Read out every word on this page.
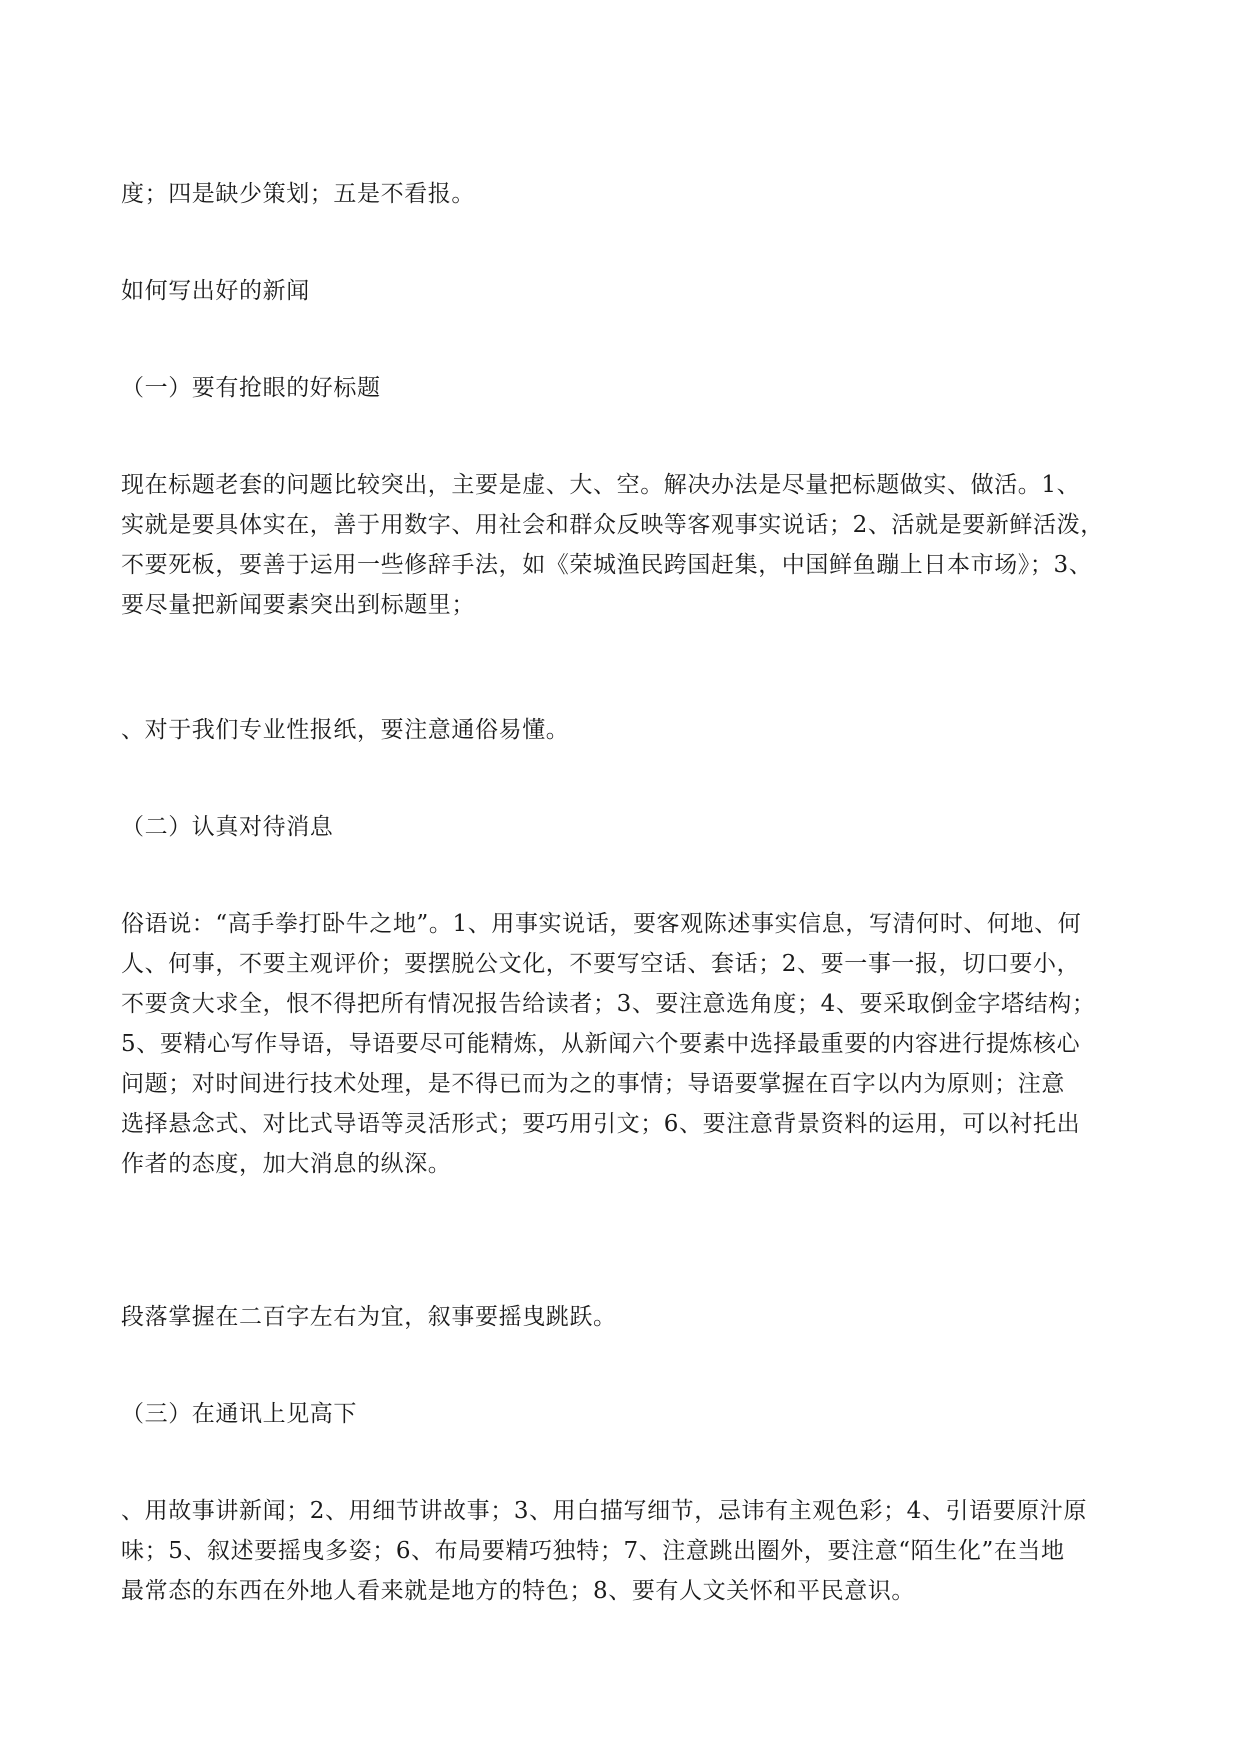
度；四是缺少策划；五是不看报。

如何写出好的新闻

（一）要有抢眼的好标题

现在标题老套的问题比较突出，主要是虚、大、空。解决办法是尽量把标题做实、做活。1、
实就是要具体实在，善于用数字、用社会和群众反映等客观事实说话；2、活就是要新鲜活泼，
不要死板，要善于运用一些修辞手法，如《荣城渔民跨国赶集，中国鲜鱼蹦上日本市场》；3、
要尽量把新闻要素突出到标题里；

、对于我们专业性报纸，要注意通俗易懂。

（二）认真对待消息

俗语说：“高手拳打卧牛之地”。1、用事实说话，要客观陈述事实信息，写清何时、何地、何
人、何事，不要主观评价；要摆脱公文化，不要写空话、套话；2、要一事一报，切口要小，
不要贪大求全，恨不得把所有情况报告给读者；3、要注意选角度；4、要采取倒金字塔结构；
5、要精心写作导语，导语要尽可能精炼，从新闻六个要素中选择最重要的内容进行提炼核心
问题；对时间进行技术处理，是不得已而为之的事情；导语要掌握在百字以内为原则；注意
选择悬念式、对比式导语等灵活形式；要巧用引文；6、要注意背景资料的运用，可以衬托出
作者的态度，加大消息的纵深。

段落掌握在二百字左右为宜，叙事要摇曳跳跃。

（三）在通讯上见高下

、用故事讲新闻；2、用细节讲故事；3、用白描写细节，忌讳有主观色彩；4、引语要原汁原
味；5、叙述要摇曳多姿；6、布局要精巧独特；7、注意跳出圈外，要注意“陌生化”在当地
最常态的东西在外地人看来就是地方的特色；8、要有人文关怀和平民意识。
